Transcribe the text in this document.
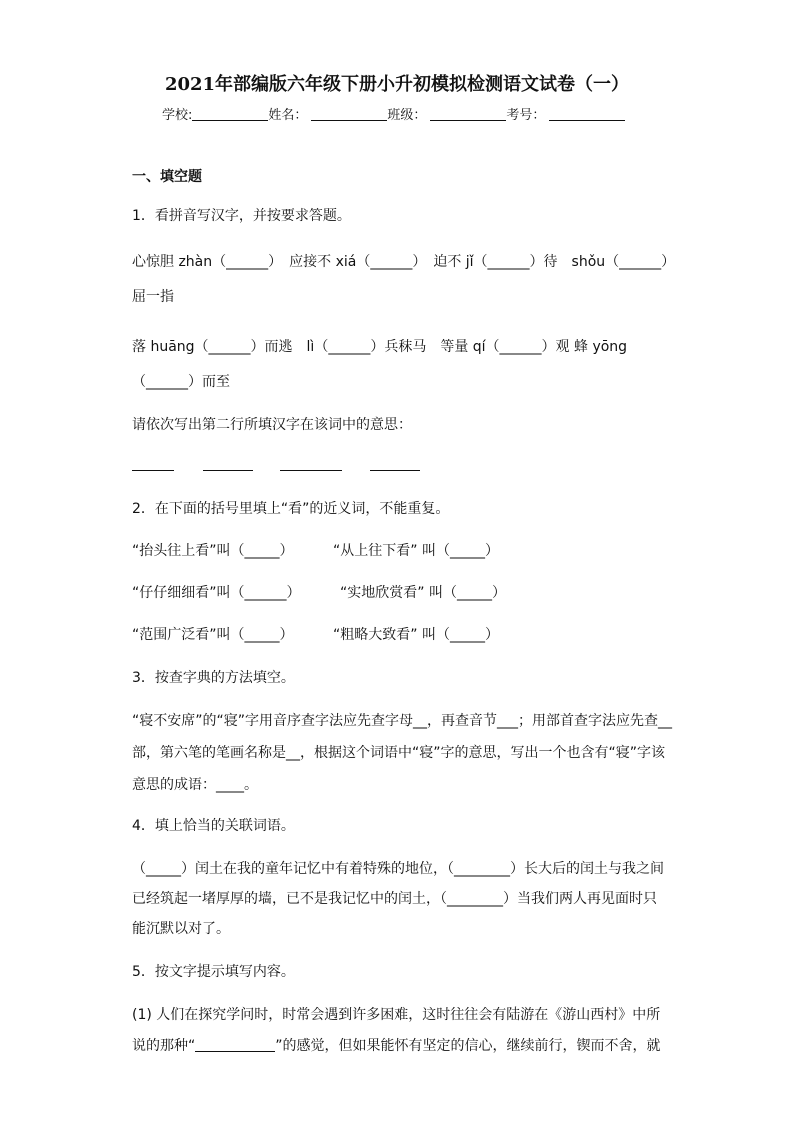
2021年部编版六年级下册小升初模拟检测语文试卷（一）
学校:	姓名：	班级：	考号：
一、填空题
1．看拼音写汉字，并按要求答题。
心惊胆 zhàn（______）　应接不 xiá（______）　迫不 jǐ（______）待　shǒu（______）
屈一指
落 huāng（______）而逃　lì（______）兵秣马　等量 qí（______）观 蜂 yōng
（______）而至
请依次写出第二行所填汉字在该词中的意思：
2．在下面的括号里填上“看”的近义词，不能重复。
“抬头往上看”叫（_____）	“从上往下看” 叫（_____）
“仔仔细细看”叫（______）	“实地欣赏看” 叫（_____）
“范围广泛看”叫（_____）	“粗略大致看” 叫（_____）
3．按查字典的方法填空。
“寝不安席”的“寝”字用音序查字法应先查字母__，再查音节___；用部首查字法应先查__
部，第六笔的笔画名称是__，根据这个词语中“寝”字的意思，写出一个也含有“寝”字该
意思的成语：____。
4．填上恰当的关联词语。
（_____）闰土在我的童年记忆中有着特殊的地位，（________）长大后的闰土与我之间
已经筑起一堵厚厚的墙，已不是我记忆中的闰土，（________）当我们两人再见面时只
能沉默以对了。
5．按文字提示填写内容。
(1) 人们在探究学问时，时常会遇到许多困难，这时往往会有陆游在《游山西村》中所
说的那种“	”的感觉，但如果能怀有坚定的信心，继续前行，锲而不舍，就
